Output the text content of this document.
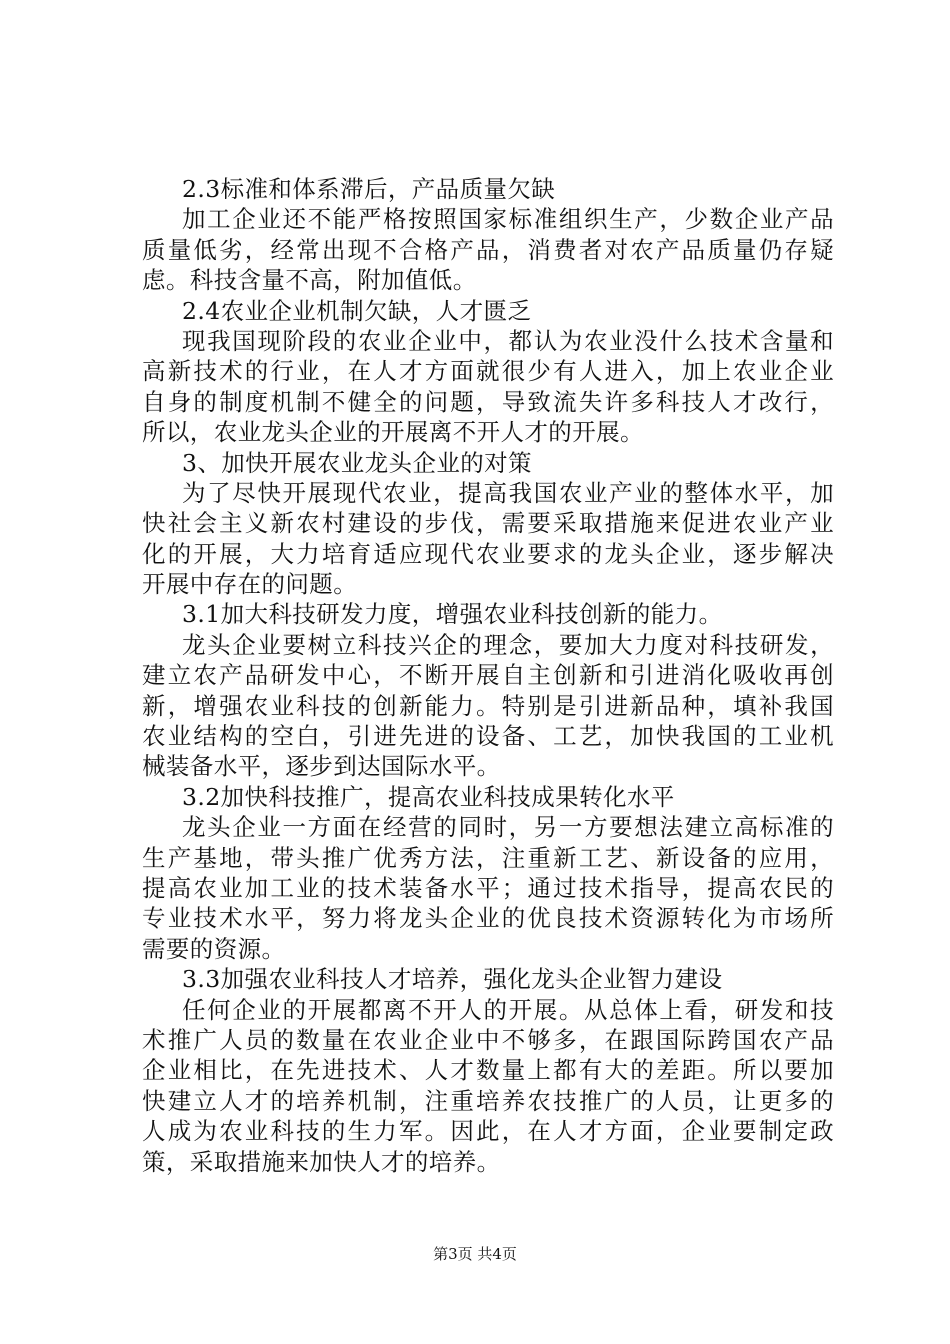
2.3标准和体系滞后，产品质量欠缺
加工企业还不能严格按照国家标准组织生产，少数企业产品
质量低劣，经常出现不合格产品，消费者对农产品质量仍存疑
虑。科技含量不高，附加值低。
2.4农业企业机制欠缺，人才匮乏
现我国现阶段的农业企业中，都认为农业没什么技术含量和
高新技术的行业，在人才方面就很少有人进入，加上农业企业
自身的制度机制不健全的问题，导致流失许多科技人才改行，
所以，农业龙头企业的开展离不开人才的开展。
3、加快开展农业龙头企业的对策
为了尽快开展现代农业，提高我国农业产业的整体水平，加
快社会主义新农村建设的步伐，需要采取措施来促进农业产业
化的开展，大力培育适应现代农业要求的龙头企业，逐步解决
开展中存在的问题。
3.1加大科技研发力度，增强农业科技创新的能力。
龙头企业要树立科技兴企的理念，要加大力度对科技研发，
建立农产品研发中心，不断开展自主创新和引进消化吸收再创
新，增强农业科技的创新能力。特别是引进新品种，填补我国
农业结构的空白，引进先进的设备、工艺，加快我国的工业机
械装备水平，逐步到达国际水平。
3.2加快科技推广，提高农业科技成果转化水平
龙头企业一方面在经营的同时，另一方要想法建立高标准的
生产基地，带头推广优秀方法，注重新工艺、新设备的应用，
提高农业加工业的技术装备水平；通过技术指导，提高农民的
专业技术水平，努力将龙头企业的优良技术资源转化为市场所
需要的资源。
3.3加强农业科技人才培养，强化龙头企业智力建设
任何企业的开展都离不开人的开展。从总体上看，研发和技
术推广人员的数量在农业企业中不够多，在跟国际跨国农产品
企业相比，在先进技术、人才数量上都有大的差距。所以要加
快建立人才的培养机制，注重培养农技推广的人员，让更多的
人成为农业科技的生力军。因此，在人才方面，企业要制定政
策，采取措施来加快人才的培养。
第3页 共4页
